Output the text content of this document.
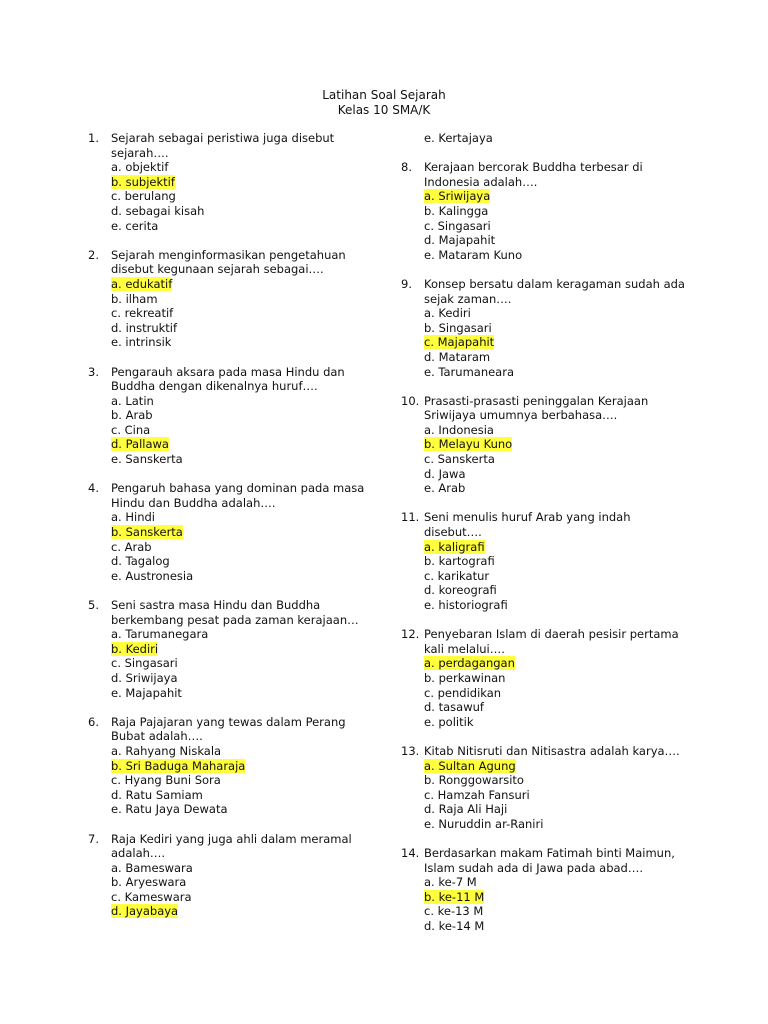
Latihan Soal Sejarah
Kelas 10 SMA/K
1. Sejarah sebagai peristiwa juga disebut
sejarah….
a. objektif
b. subjektif
c. berulang
d. sebagai kisah
e. cerita
2. Sejarah menginformasikan pengetahuan
disebut kegunaan sejarah sebagai….
a. edukatif
b. ilham
c. rekreatif
d. instruktif
e. intrinsik
3. Pengarauh aksara pada masa Hindu dan
Buddha dengan dikenalnya huruf….
a. Latin
b. Arab
c. Cina
d. Pallawa
e. Sanskerta
4. Pengaruh bahasa yang dominan pada masa
Hindu dan Buddha adalah….
a. Hindi
b. Sanskerta
c. Arab
d. Tagalog
e. Austronesia
5. Seni sastra masa Hindu dan Buddha
berkembang pesat pada zaman kerajaan…
a. Tarumanegara
b. Kediri
c. Singasari
d. Sriwijaya
e. Majapahit
6. Raja Pajajaran yang tewas dalam Perang
Bubat adalah….
a. Rahyang Niskala
b. Sri Baduga Maharaja
c. Hyang Buni Sora
d. Ratu Samiam
e. Ratu Jaya Dewata
7. Raja Kediri yang juga ahli dalam meramal
adalah….
a. Bameswara
b. Aryeswara
c. Kameswara
d. Jayabaya
e. Kertajaya
8. Kerajaan bercorak Buddha terbesar di
Indonesia adalah….
a. Sriwijaya
b. Kalingga
c. Singasari
d. Majapahit
e. Mataram Kuno
9. Konsep bersatu dalam keragaman sudah ada
sejak zaman….
a. Kediri
b. Singasari
c. Majapahit
d. Mataram
e. Tarumaneara
10. Prasasti-prasasti peninggalan Kerajaan
Sriwijaya umumnya berbahasa….
a. Indonesia
b. Melayu Kuno
c. Sanskerta
d. Jawa
e. Arab
11. Seni menulis huruf Arab yang indah
disebut….
a. kaligrafi
b. kartografi
c. karikatur
d. koreografi
e. historiografi
12. Penyebaran Islam di daerah pesisir pertama
kali melalui….
a. perdagangan
b. perkawinan
c. pendidikan
d. tasawuf
e. politik
13. Kitab Nitisruti dan Nitisastra adalah karya….
a. Sultan Agung
b. Ronggowarsito
c. Hamzah Fansuri
d. Raja Ali Haji
e. Nuruddin ar-Raniri
14. Berdasarkan makam Fatimah binti Maimun,
Islam sudah ada di Jawa pada abad….
a. ke-7 M
b. ke-11 M
c. ke-13 M
d. ke-14 M
